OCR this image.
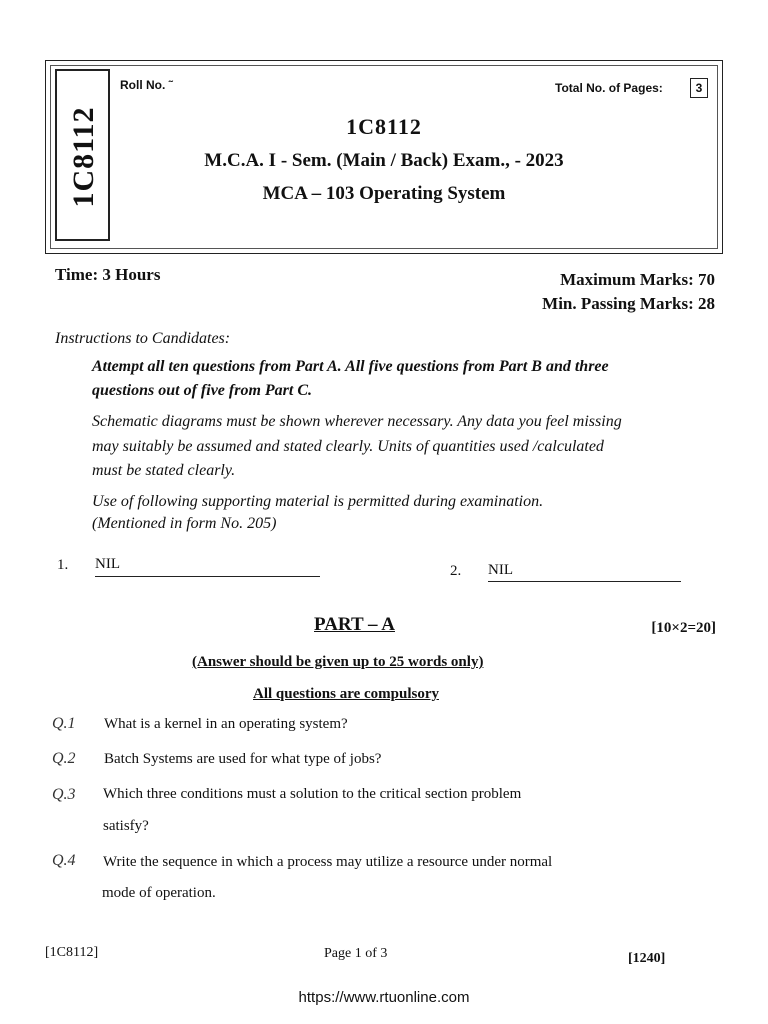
1C8112
Roll No. ˜	Total No. of Pages:	3
1C8112
M.C.A. I - Sem. (Main / Back) Exam., - 2023
MCA – 103 Operating System
Time: 3 Hours	Maximum Marks: 70
Min. Passing Marks: 28
Instructions to Candidates:
Attempt all ten questions from Part A. All five questions from Part B and three
questions out of five from Part C.
Schematic diagrams must be shown wherever necessary. Any data you feel missing
may suitably be assumed and stated clearly. Units of quantities used /calculated
must be stated clearly.
Use of following supporting material is permitted during examination.
(Mentioned in form No. 205)
1. NIL	2. NIL
PART – A	[10×2=20]
(Answer should be given up to 25 words only)
All questions are compulsory
Q.1 What is a kernel in an operating system?
Q.2 Batch Systems are used for what type of jobs?
Q.3 Which three conditions must a solution to the critical section problem
satisfy?
Q.4 Write the sequence in which a process may utilize a resource under normal
mode of operation.
[1C8112]	Page 1 of 3	[1240]
https://www.rtuonline.com
